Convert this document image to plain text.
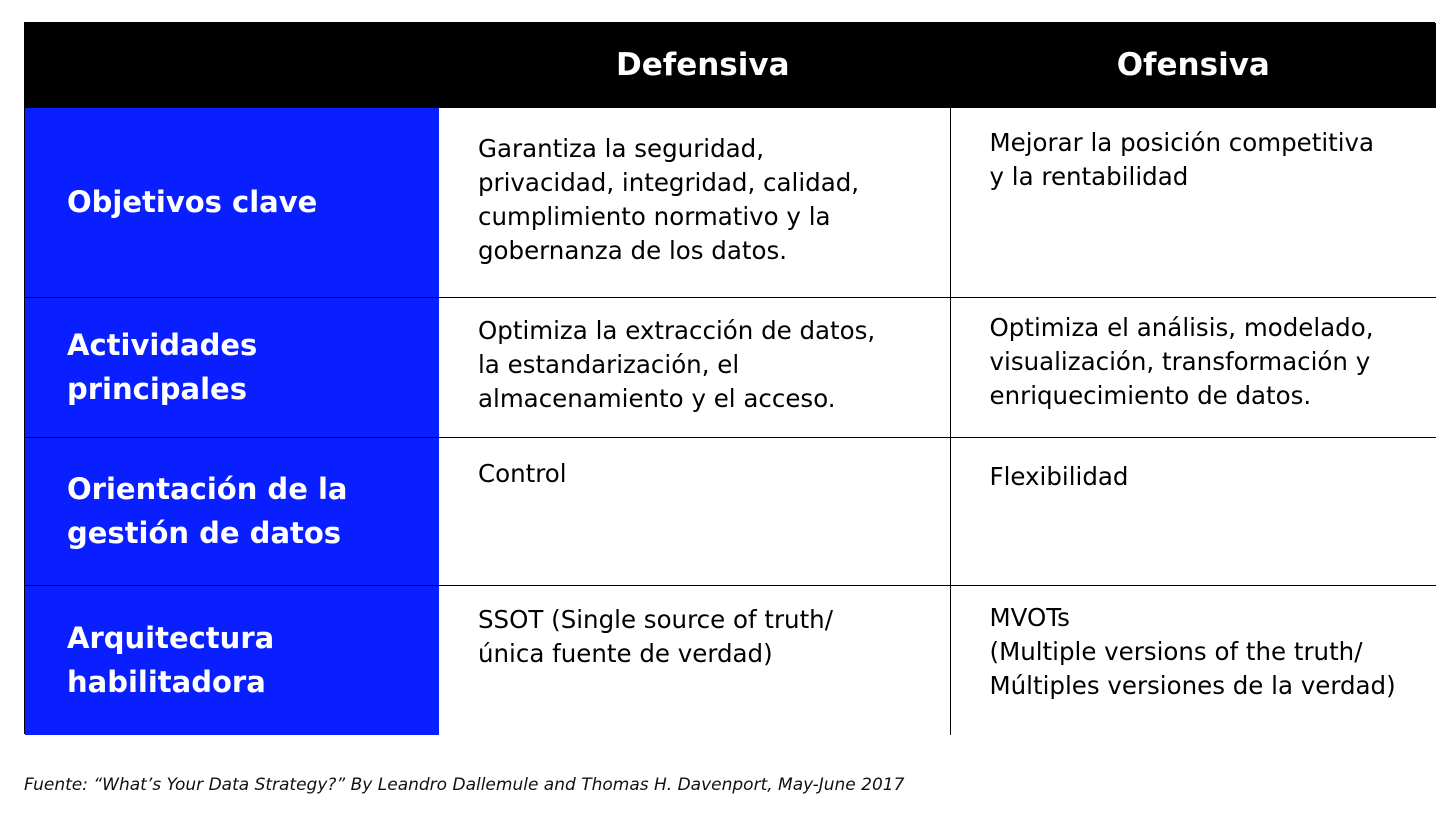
Defensiva		Ofensiva

Objetivos clave	Garantiza la seguridad,
privacidad, integridad, calidad,
cumplimiento normativo y la
gobernanza de los datos.	Mejorar la posición competitiva
y la rentabilidad

Actividades
principales	Optimiza la extracción de datos,
la estandarización, el
almacenamiento y el acceso.	Optimiza el análisis, modelado,
visualización, transformación y
enriquecimiento de datos.

Orientación de la
gestión de datos	Control	Flexibilidad

Arquitectura
habilitadora	SSOT (Single source of truth/
única fuente de verdad)	MVOTs
(Multiple versions of the truth/
Múltiples versiones de la verdad)
Fuente: “What’s Your Data Strategy?” By Leandro Dallemule and Thomas H. Davenport, May-June 2017
